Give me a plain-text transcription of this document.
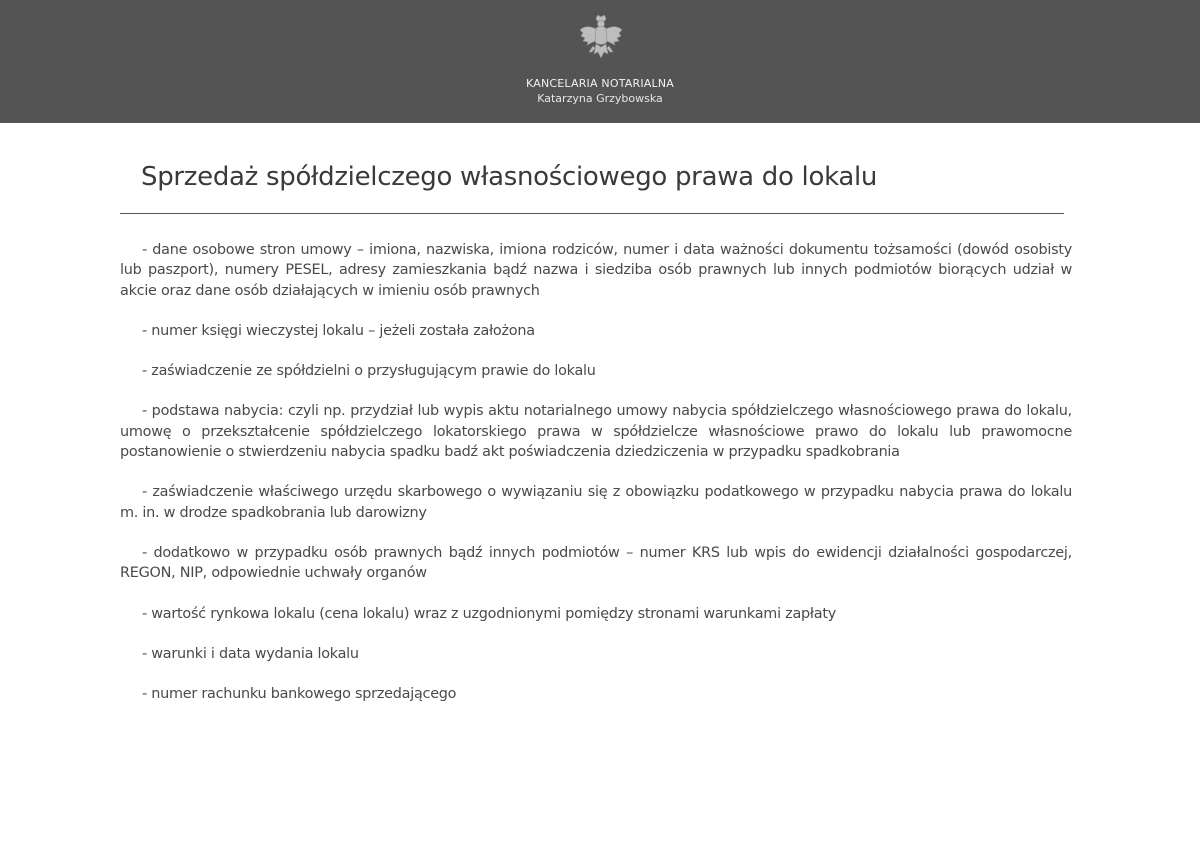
KANCELARIA NOTARIALNA
Katarzyna Grzybowska
Sprzedaż spółdzielczego własnościowego prawa do lokalu

- dane osobowe stron umowy – imiona, nazwiska, imiona rodziców, numer i data ważności dokumentu tożsamości (dowód osobisty lub paszport), numery PESEL, adresy zamieszkania bądź nazwa i siedziba osób prawnych lub innych podmiotów biorących udział w akcie oraz dane osób działających w imieniu osób prawnych

- numer księgi wieczystej lokalu – jeżeli została założona

- zaświadczenie ze spółdzielni o przysługującym prawie do lokalu

- podstawa nabycia: czyli np. przydział lub wypis aktu notarialnego umowy nabycia spółdzielczego własnościowego prawa do lokalu, umowę o przekształcenie spółdzielczego lokatorskiego prawa w spółdzielcze własnościowe prawo do lokalu lub prawomocne postanowienie o stwierdzeniu nabycia spadku badź akt poświadczenia dziedziczenia w przypadku spadkobrania

- zaświadczenie właściwego urzędu skarbowego o wywiązaniu się z obowiązku podatkowego w przypadku nabycia prawa do lokalu m. in. w drodze spadkobrania lub darowizny

- dodatkowo w przypadku osób prawnych bądź innych podmiotów – numer KRS lub wpis do ewidencji działalności gospodarczej, REGON, NIP, odpowiednie uchwały organów

- wartość rynkowa lokalu (cena lokalu) wraz z uzgodnionymi pomiędzy stronami warunkami zapłaty

- warunki i data wydania lokalu

- numer rachunku bankowego sprzedającego
